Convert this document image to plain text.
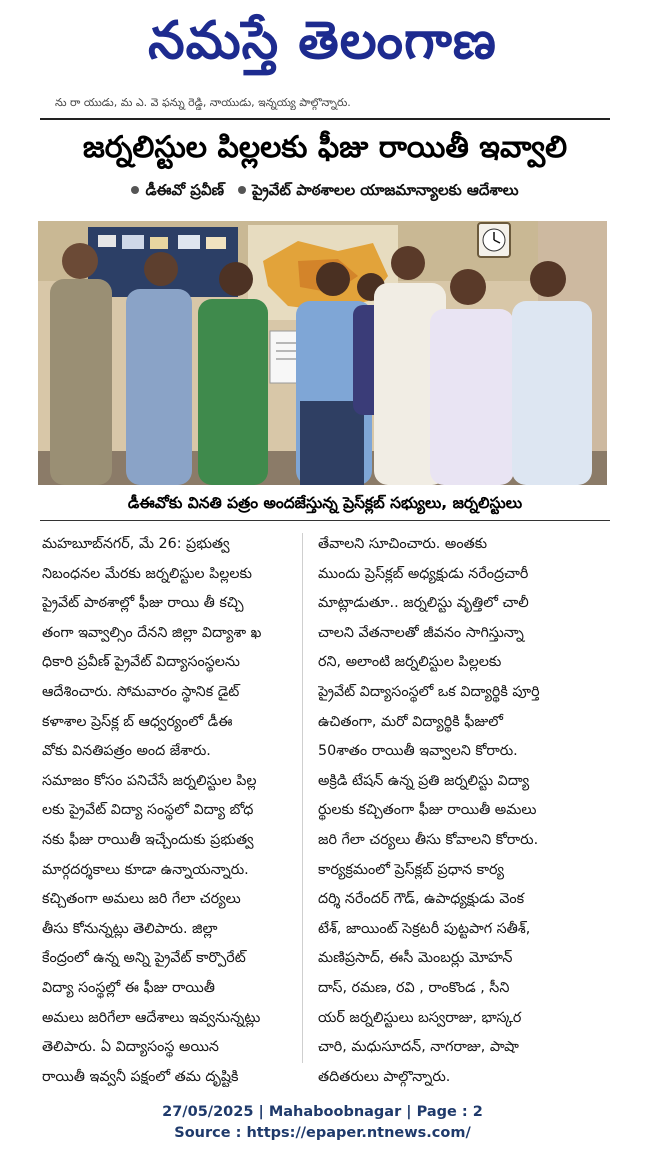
నమస్తే తెలంగాణ
ను రా యుడు, మ ఎ. వె ఫన్ను రెడ్డి, నాయుడు, ఇన్నయ్య పాల్గొన్నారు.
జర్నలిస్టుల పిల్లలకు ఫీజు రాయితీ ఇవ్వాలి
డీఈవో ప్రవీణ్ ప్రైవేట్ పాఠశాలల యాజమాన్యాలకు ఆదేశాలు
డీఈవోకు వినతి పత్రం అందజేస్తున్న ప్రెస్‌క్లబ్ సభ్యులు, జర్నలిస్టులు
మహబూబ్‌నగర్, మే 26: ప్రభుత్వ
నిబంధనల మేరకు జర్నలిస్టుల పిల్లలకు
ప్రైవేట్ పాఠశాల్లో ఫీజు రాయి తీ కచ్చి
తంగా ఇవ్వాల్సిం దేనని జిల్లా విద్యాశా ఖ
ధికారి ప్రవీణ్ ప్రైవేట్ విద్యాసంస్థలను
ఆదేశించారు. సోమవారం స్థానిక డైట్
కళాశాల ప్రెస్‌క్ల బ్ ఆధ్వర్యంలో డీఈ
వోకు వినతిపత్రం అంద జేశారు.
సమాజం కోసం పనిచేసే జర్నలిస్టుల పిల్ల
లకు ప్రైవేట్ విద్యా సంస్థలో విద్యా బోధ
నకు ఫీజు రాయితీ ఇచ్చేందుకు ప్రభుత్వ
మార్గదర్శకాలు కూడా ఉన్నాయన్నారు.
కచ్చితంగా అమలు జరి గేలా చర్యలు
తీసు కోనున్నట్లు తెలిపారు. జిల్లా
కేంద్రంలో ఉన్న అన్ని ప్రైవేట్ కార్పొరేట్
విద్యా సంస్థల్లో ఈ ఫీజు రాయితీ
అమలు జరిగేలా ఆదేశాలు ఇవ్వనున్నట్లు
తెలిపారు. ఏ విద్యాసంస్థ అయిన
రాయితీ ఇవ్వనీ పక్షంలో తమ దృష్టికి
తేవాలని సూచించారు. అంతకు
ముందు ప్రెస్‌క్లబ్ అధ్యక్షుడు నరేంద్రచారీ
మాట్లాడుతూ.. జర్నలిస్టు వృత్తిలో చాలీ
చాలని వేతనాలతో జీవనం సాగిస్తున్నా
రని, అలాంటి జర్నలిస్టుల పిల్లలకు
ప్రైవేట్ విద్యాసంస్థలో ఒక విద్యార్థికి పూర్తి
ఉచితంగా, మరో విద్యార్థికి ఫీజులో
50శాతం రాయితీ ఇవ్వాలని కోరారు.
అక్రిడి టేషన్ ఉన్న ప్రతి జర్నలిస్టు విద్యా
ర్థులకు కచ్చితంగా ఫీజు రాయితీ అమలు
జరి గేలా చర్యలు తీసు కోవాలని కోరారు.
కార్యక్రమంలో ప్రెస్‌క్లబ్ ప్రధాన కార్య
దర్శి నరేందర్ గౌడ్, ఉపాధ్యక్షుడు వెంక
టేశ్, జాయింట్ సెక్రటరీ పుట్టపాగ సతీశ్,
మణిప్రసాద్, ఈసీ మెంబర్లు మోహన్
దాస్, రమణ, రవి , రాంకొండ , సీని
యర్ జర్నలిస్టులు బస్వరాజు, భాస్కర
చారి, మధుసూదన్, నాగరాజు, పాషా
తదితరులు పాల్గొన్నారు.
27/05/2025 | Mahaboobnagar | Page : 2
Source : https://epaper.ntnews.com/
